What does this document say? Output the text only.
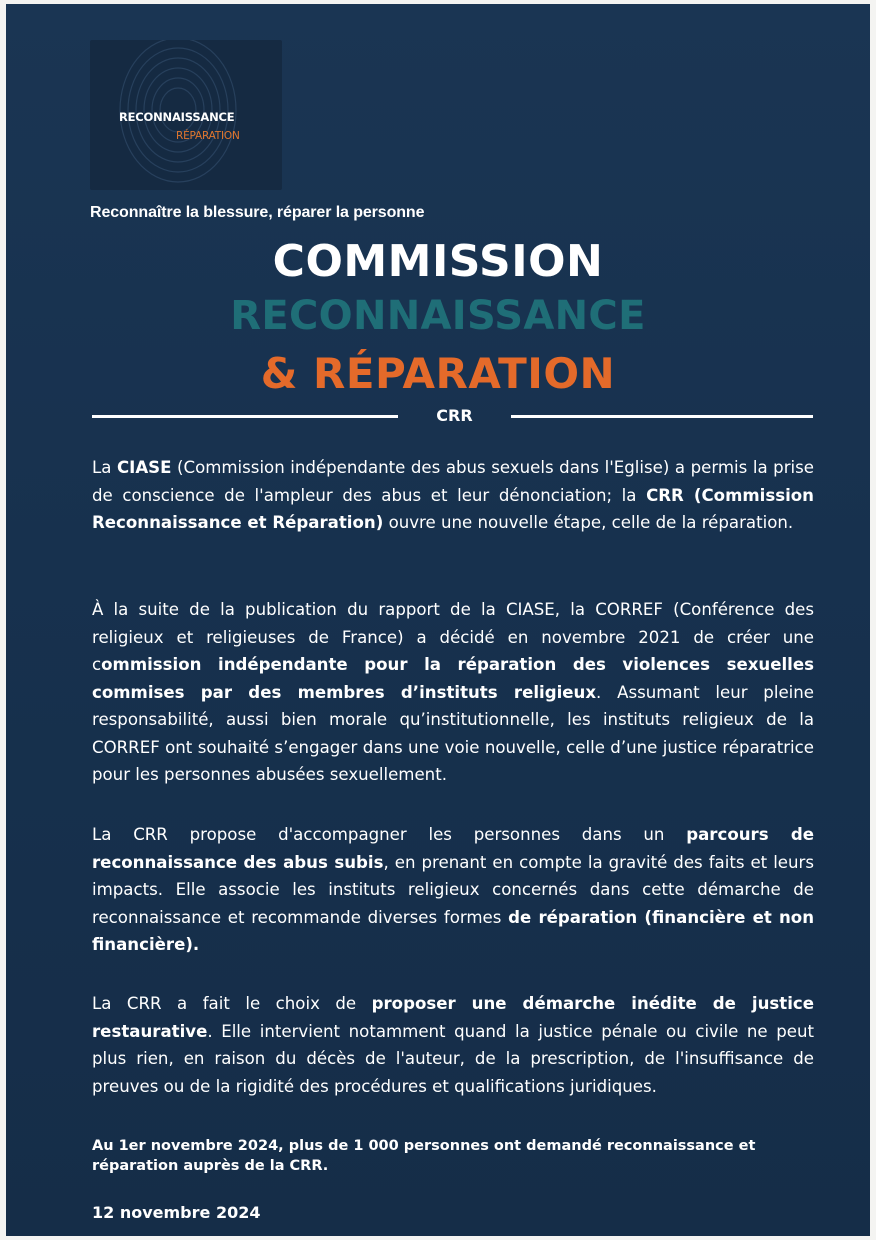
RECONNAISSANCE
RÉPARATION
Reconnaître la blessure, réparer la personne
COMMISSION
RECONNAISSANCE
& RÉPARATION
CRR

La CIASE (Commission indépendante des abus sexuels dans l'Eglise) a permis la prise de conscience de l'ampleur des abus et leur dénonciation; la CRR (Commission Reconnaissance et Réparation) ouvre une nouvelle étape, celle de la réparation.

À la suite de la publication du rapport de la CIASE, la CORREF (Conférence des religieux et religieuses de France) a décidé en novembre 2021 de créer une commission indépendante pour la réparation des violences sexuelles commises par des membres d’instituts religieux. Assumant leur pleine responsabilité, aussi bien morale qu’institutionnelle, les instituts religieux de la CORREF ont souhaité s’engager dans une voie nouvelle, celle d’une justice réparatrice pour les personnes abusées sexuellement.

La CRR propose d'accompagner les personnes dans un parcours de reconnaissance des abus subis, en prenant en compte la gravité des faits et leurs impacts. Elle associe les instituts religieux concernés dans cette démarche de reconnaissance et recommande diverses formes de réparation (financière et non financière).

La CRR a fait le choix de proposer une démarche inédite de justice restaurative. Elle intervient notamment quand la justice pénale ou civile ne peut plus rien, en raison du décès de l'auteur, de la prescription, de l'insuffisance de preuves ou de la rigidité des procédures et qualifications juridiques.

Au 1er novembre 2024, plus de 1 000 personnes ont demandé reconnaissance et réparation auprès de la CRR.

12 novembre 2024
